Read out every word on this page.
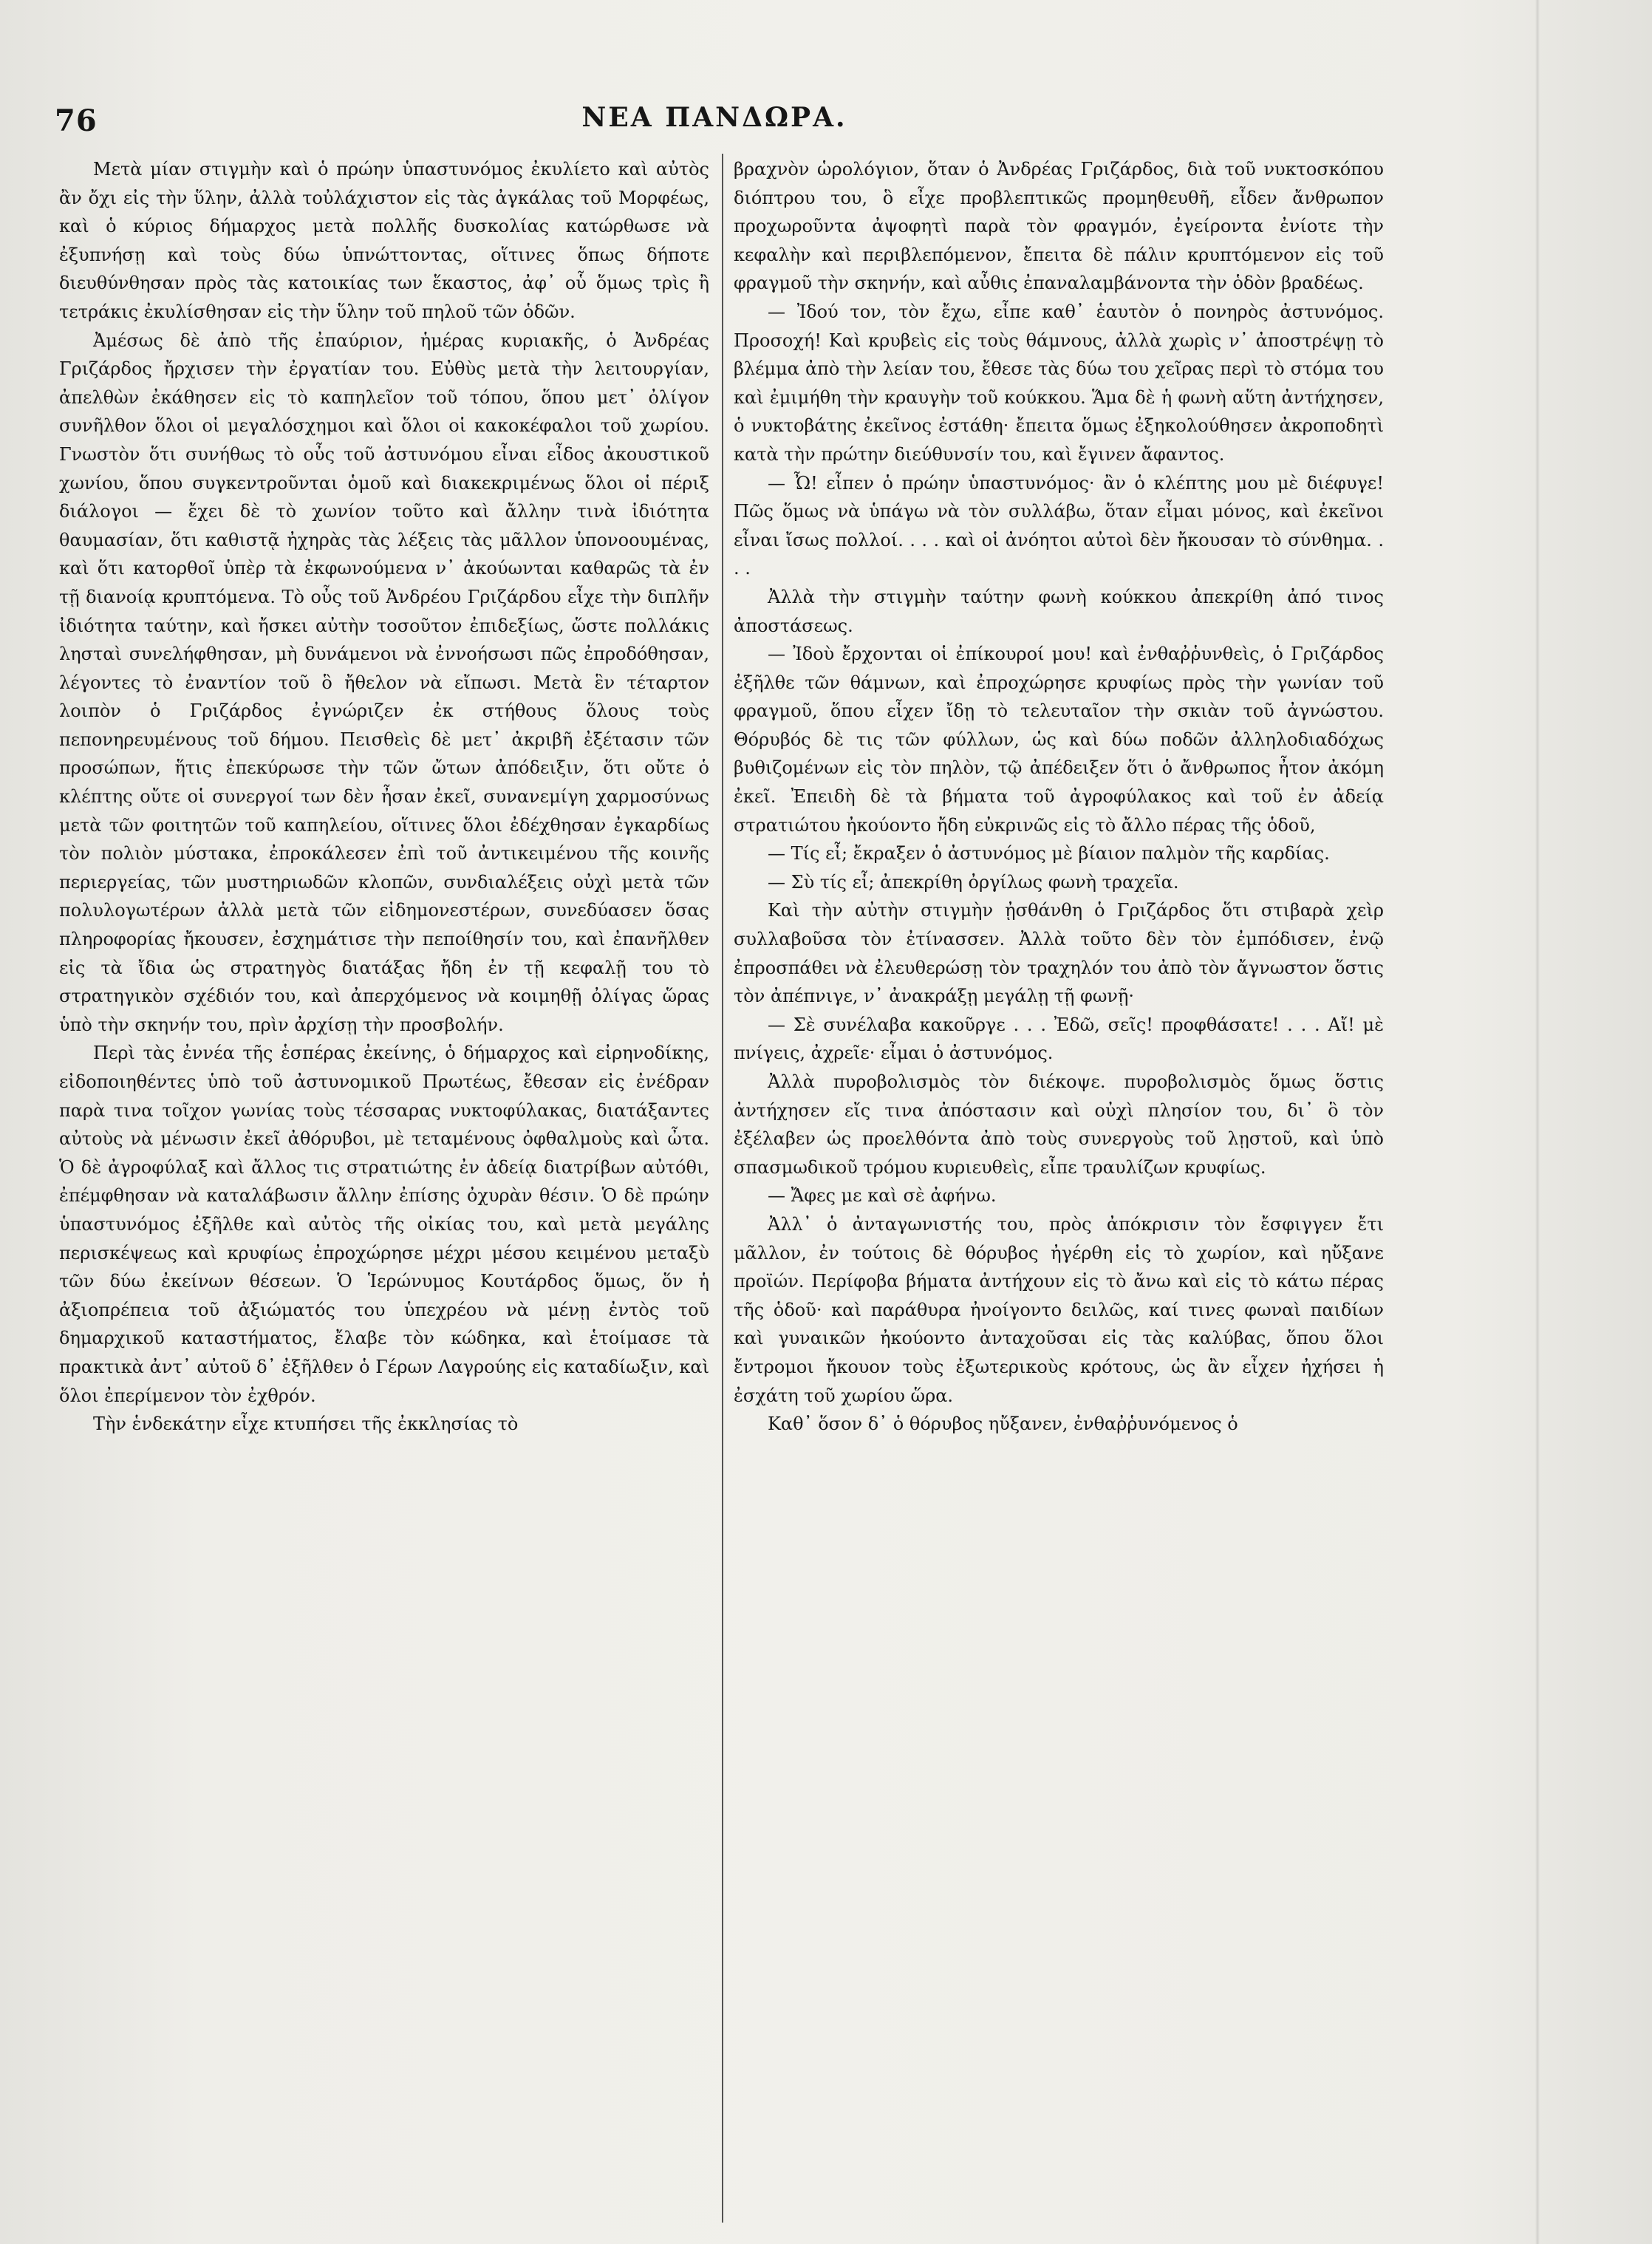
76	ΝΕΑ ΠΑΝΔΩΡΑ.

Μετὰ μίαν στιγμὴν καὶ ὁ πρώην ὑπαστυνόμος ἐκυλίετο καὶ αὐτὸς ἂν ὄχι εἰς τὴν ὕλην, ἀλλὰ τοὐλάχιστον εἰς τὰς ἀγκάλας τοῦ Μορφέως, καὶ ὁ κύριος δήμαρχος μετὰ πολλῆς δυσκολίας κατώρθωσε νὰ ἐξυπνήσῃ καὶ τοὺς δύω ὑπνώττοντας, οἵτινες ὅπως δήποτε διευθύνθησαν πρὸς τὰς κατοικίας των ἕκαστος, ἀφ᾽ οὗ ὅμως τρὶς ἢ τετράκις ἐκυλίσθησαν εἰς τὴν ὕλην τοῦ πηλοῦ τῶν ὁδῶν.

Ἀμέσως δὲ ἀπὸ τῆς ἐπαύριον, ἡμέρας κυριακῆς, ὁ Ἀνδρέας Γριζάρδος ἤρχισεν τὴν ἐργατίαν του. Εὐθὺς μετὰ τὴν λειτουργίαν, ἀπελθὼν ἐκάθησεν εἰς τὸ καπηλεῖον τοῦ τόπου, ὅπου μετ᾽ ὀλίγον συνῆλθον ὅλοι οἱ μεγαλόσχημοι καὶ ὅλοι οἱ κακοκέφαλοι τοῦ χωρίου. Γνωστὸν ὅτι συνήθως τὸ οὖς τοῦ ἀστυνόμου εἶναι εἶδος ἀκουστικοῦ χωνίου, ὅπου συγκεντροῦνται ὁμοῦ καὶ διακεκριμένως ὅλοι οἱ πέριξ διάλογοι — ἔχει δὲ τὸ χωνίον τοῦτο καὶ ἄλλην τινὰ ἰδιότητα θαυμασίαν, ὅτι καθιστᾷ ἠχηρὰς τὰς λέξεις τὰς μᾶλλον ὑπονοουμένας, καὶ ὅτι κατορθοῖ ὑπὲρ τὰ ἐκφωνούμενα ν᾽ ἀκούωνται καθαρῶς τὰ ἐν τῇ διανοίᾳ κρυπτόμενα. Τὸ οὖς τοῦ Ἀνδρέου Γριζάρδου εἶχε τὴν διπλῆν ἰδιότητα ταύτην, καὶ ἤσκει αὐτὴν τοσοῦτον ἐπιδεξίως, ὥστε πολλάκις λησταὶ συνελήφθησαν, μὴ δυνάμενοι νὰ ἐννοήσωσι πῶς ἐπροδόθησαν, λέγοντες τὸ ἐναντίον τοῦ ὃ ἤθελον νὰ εἴπωσι. Μετὰ ἓν τέταρτον λοιπὸν ὁ Γριζάρδος ἐγνώριζεν ἐκ στήθους ὅλους τοὺς πεπονηρευμένους τοῦ δήμου. Πεισθεὶς δὲ μετ᾽ ἀκριβῆ ἐξέτασιν τῶν προσώπων, ἥτις ἐπεκύρωσε τὴν τῶν ὤτων ἀπόδειξιν, ὅτι οὔτε ὁ κλέπτης οὔτε οἱ συνεργοί των δὲν ἦσαν ἐκεῖ, συνανεμίγη χαρμοσύνως μετὰ τῶν φοιτητῶν τοῦ καπηλείου, οἵτινες ὅλοι ἐδέχθησαν ἐγκαρδίως τὸν πολιὸν μύστακα, ἐπροκάλεσεν ἐπὶ τοῦ ἀντικειμένου τῆς κοινῆς περιεργείας, τῶν μυστηριωδῶν κλοπῶν, συνδιαλέξεις οὐχὶ μετὰ τῶν πολυλογωτέρων ἀλλὰ μετὰ τῶν εἰδημονεστέρων, συνεδύασεν ὅσας πληροφορίας ἤκουσεν, ἐσχημάτισε τὴν πεποίθησίν του, καὶ ἐπανῆλθεν εἰς τὰ ἴδια ὡς στρατηγὸς διατάξας ἤδη ἐν τῇ κεφαλῇ του τὸ στρατηγικὸν σχέδιόν του, καὶ ἀπερχόμενος νὰ κοιμηθῇ ὀλίγας ὥρας ὑπὸ τὴν σκηνήν του, πρὶν ἀρχίσῃ τὴν προσβολήν.

Περὶ τὰς ἐννέα τῆς ἑσπέρας ἐκείνης, ὁ δήμαρχος καὶ εἰρηνοδίκης, εἰδοποιηθέντες ὑπὸ τοῦ ἀστυνομικοῦ Πρωτέως, ἔθεσαν εἰς ἐνέδραν παρὰ τινα τοῖχον γωνίας τοὺς τέσσαρας νυκτοφύλακας, διατάξαντες αὐτοὺς νὰ μένωσιν ἐκεῖ ἀθόρυβοι, μὲ τεταμένους ὀφθαλμοὺς καὶ ὦτα. Ὁ δὲ ἀγροφύλαξ καὶ ἄλλος τις στρατιώτης ἐν ἀδείᾳ διατρίβων αὐτόθι, ἐπέμφθησαν νὰ καταλάβωσιν ἄλλην ἐπίσης ὀχυρὰν θέσιν. Ὁ δὲ πρώην ὑπαστυνόμος ἐξῆλθε καὶ αὐτὸς τῆς οἰκίας του, καὶ μετὰ μεγάλης περισκέψεως καὶ κρυφίως ἐπροχώρησε μέχρι μέσου κειμένου μεταξὺ τῶν δύω ἐκείνων θέσεων. Ὁ Ἱερώνυμος Κουτάρδος ὅμως, ὅν ἡ ἀξιοπρέπεια τοῦ ἀξιώματός του ὑπεχρέου νὰ μένῃ ἐντὸς τοῦ δημαρχικοῦ καταστήματος, ἔλαβε τὸν κώδηκα, καὶ ἑτοίμασε τὰ πρακτικὰ ἀντ᾽ αὐτοῦ δ᾽ ἐξῆλθεν ὁ Γέρων Λαγρούης εἰς καταδίωξιν, καὶ ὅλοι ἐπερίμενον τὸν ἐχθρόν.

Τὴν ἑνδεκάτην εἶχε κτυπήσει τῆς ἐκκλησίας τὸ

βραχνὸν ὡρολόγιον, ὅταν ὁ Ἀνδρέας Γριζάρδος, διὰ τοῦ νυκτοσκόπου διόπτρου του, ὃ εἶχε προβλεπτικῶς προμηθευθῆ, εἶδεν ἄνθρωπον προχωροῦντα ἀψοφητὶ παρὰ τὸν φραγμόν, ἐγείροντα ἐνίοτε τὴν κεφαλὴν καὶ περιβλεπόμενον, ἔπειτα δὲ πάλιν κρυπτόμενον εἰς τοῦ φραγμοῦ τὴν σκηνήν, καὶ αὖθις ἐπαναλαμβάνοντα τὴν ὁδὸν βραδέως.

— Ἰδού τον, τὸν ἔχω, εἶπε καθ᾽ ἑαυτὸν ὁ πονηρὸς ἀστυνόμος. Προσοχή! Καὶ κρυβεὶς εἰς τοὺς θάμνους, ἀλλὰ χωρὶς ν᾽ ἀποστρέψῃ τὸ βλέμμα ἀπὸ τὴν λείαν του, ἔθεσε τὰς δύω του χεῖρας περὶ τὸ στόμα του καὶ ἐμιμήθη τὴν κραυγὴν τοῦ κούκκου. Ἅμα δὲ ἡ φωνὴ αὕτη ἀντήχησεν, ὁ νυκτοβάτης ἐκεῖνος ἐστάθη· ἔπειτα ὅμως ἐξηκολούθησεν ἀκροποδητὶ κατὰ τὴν πρώτην διεύθυνσίν του, καὶ ἔγινεν ἄφαντος.

— Ὦ! εἶπεν ὁ πρώην ὑπαστυνόμος· ἂν ὁ κλέπτης μου μὲ διέφυγε! Πῶς ὅμως νὰ ὑπάγω νὰ τὸν συλλάβω, ὅταν εἶμαι μόνος, καὶ ἐκεῖνοι εἶναι ἴσως πολλοί. . . . καὶ οἱ ἀνόητοι αὐτοὶ δὲν ἤκουσαν τὸ σύνθημα. . . .

Ἀλλὰ τὴν στιγμὴν ταύτην φωνὴ κούκκου ἀπεκρίθη ἀπό τινος ἀποστάσεως.

— Ἰδοὺ ἔρχονται οἱ ἐπίκουροί μου! καὶ ἐνθαῤῥυνθεὶς, ὁ Γριζάρδος ἐξῆλθε τῶν θάμνων, καὶ ἐπροχώρησε κρυφίως πρὸς τὴν γωνίαν τοῦ φραγμοῦ, ὅπου εἶχεν ἴδῃ τὸ τελευταῖον τὴν σκιὰν τοῦ ἀγνώστου. Θόρυβός δὲ τις τῶν φύλλων, ὡς καὶ δύω ποδῶν ἀλληλοδιαδόχως βυθιζομένων εἰς τὸν πηλὸν, τῷ ἀπέδειξεν ὅτι ὁ ἄνθρωπος ἦτον ἀκόμη ἐκεῖ. Ἐπειδὴ δὲ τὰ βήματα τοῦ ἀγροφύλακος καὶ τοῦ ἐν ἀδείᾳ στρατιώτου ἠκούοντο ἤδη εὐκρινῶς εἰς τὸ ἄλλο πέρας τῆς ὁδοῦ,

— Τίς εἶ; ἔκραξεν ὁ ἀστυνόμος μὲ βίαιον παλμὸν τῆς καρδίας.

— Σὺ τίς εἶ; ἀπεκρίθη ὀργίλως φωνὴ τραχεῖα.

Καὶ τὴν αὐτὴν στιγμὴν ᾐσθάνθη ὁ Γριζάρδος ὅτι στιβαρὰ χεὶρ συλλαβοῦσα τὸν ἐτίνασσεν. Ἀλλὰ τοῦτο δὲν τὸν ἐμπόδισεν, ἐνῷ ἐπροσπάθει νὰ ἐλευθερώσῃ τὸν τραχηλόν του ἀπὸ τὸν ἄγνωστον ὅστις τὸν ἀπέπνιγε, ν᾽ ἀνακράξῃ μεγάλῃ τῇ φωνῇ·

— Σὲ συνέλαβα κακοῦργε . . . Ἐδῶ, σεῖς! προφθάσατε! . . . Αἴ! μὲ πνίγεις, ἀχρεῖε· εἶμαι ὁ ἀστυνόμος.

Ἀλλὰ πυροβολισμὸς τὸν διέκοψε. πυροβολισμὸς ὅμως ὅστις ἀντήχησεν εἴς τινα ἀπόστασιν καὶ οὐχὶ πλησίον του, δι᾽ ὃ τὸν ἐξέλαβεν ὡς προελθόντα ἀπὸ τοὺς συνεργοὺς τοῦ λῃστοῦ, καὶ ὑπὸ σπασμωδικοῦ τρόμου κυριευθεὶς, εἶπε τραυλίζων κρυφίως.

— Ἄφες με καὶ σὲ ἀφήνω.

Ἀλλ᾽ ὁ ἀνταγωνιστής του, πρὸς ἀπόκρισιν τὸν ἔσφιγγεν ἔτι μᾶλλον, ἐν τούτοις δὲ θόρυβος ἠγέρθη εἰς τὸ χωρίον, καὶ ηὔξανε προϊών. Περίφοβα βήματα ἀντήχουν εἰς τὸ ἄνω καὶ εἰς τὸ κάτω πέρας τῆς ὁδοῦ· καὶ παράθυρα ἠνοίγοντο δειλῶς, καί τινες φωναὶ παιδίων καὶ γυναικῶν ἠκούοντο ἀνταχοῦσαι εἰς τὰς καλύβας, ὅπου ὅλοι ἔντρομοι ἤκουον τοὺς ἐξωτερικοὺς κρότους, ὡς ἂν εἶχεν ἠχήσει ἡ ἐσχάτη τοῦ χωρίου ὥρα.

Καθ᾽ ὅσον δ᾽ ὁ θόρυβος ηὔξανεν, ἐνθαῤῥυνόμενος ὁ
